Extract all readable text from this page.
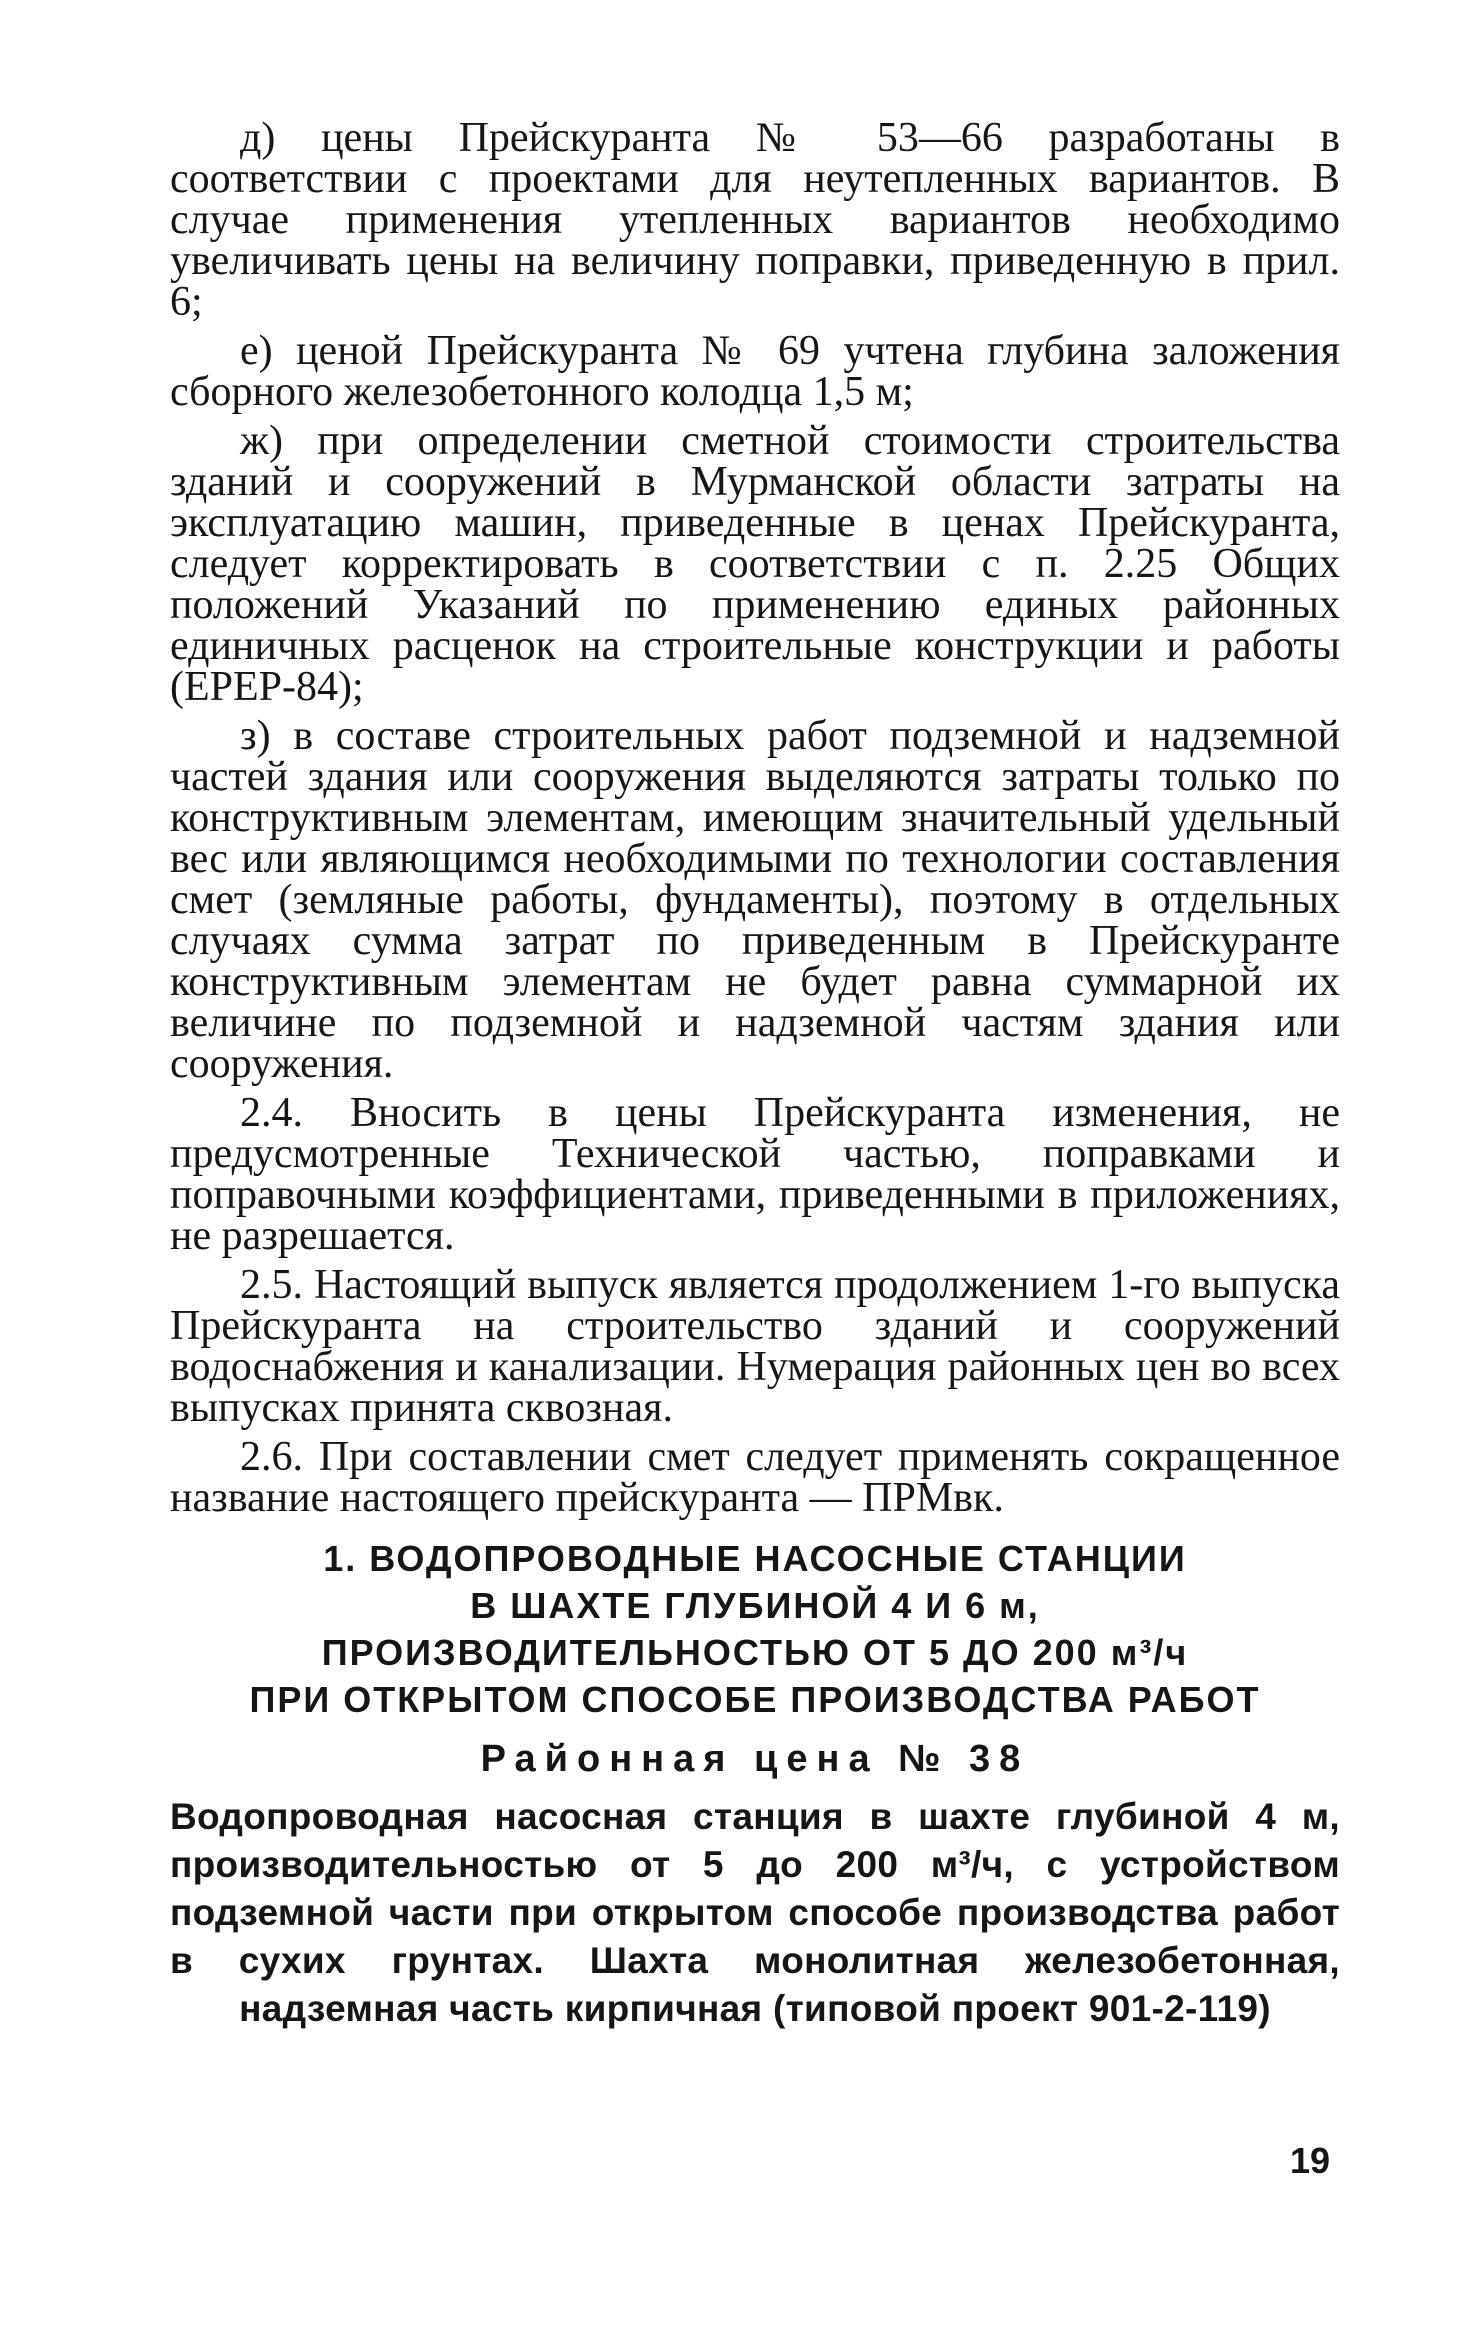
д) цены Прейскуранта № 53—66 разработаны в соответствии с проектами для неутепленных вариантов. В случае применения утепленных вариантов необходимо увеличивать цены на величину поправки, приведенную в прил. 6;

е) ценой Прейскуранта № 69 учтена глубина заложения сборного железобетонного колодца 1,5 м;

ж) при определении сметной стоимости строительства зданий и сооружений в Мурманской области затраты на эксплуатацию машин, приведенные в ценах Прейскуранта, следует корректировать в соответствии с п. 2.25 Общих положений Указаний по применению единых районных единичных расценок на строительные конструкции и работы (ЕРЕР-84);

з) в составе строительных работ подземной и надземной частей здания или сооружения выделяются затраты только по конструктивным элементам, имеющим значительный удельный вес или являющимся необходимыми по технологии составления смет (земляные работы, фундаменты), поэтому в отдельных случаях сумма затрат по приведенным в Прейскуранте конструктивным элементам не будет равна суммарной их величине по подземной и надземной частям здания или сооружения.

2.4. Вносить в цены Прейскуранта изменения, не предусмотренные Технической частью, поправками и поправочными коэффициентами, приведенными в приложениях, не разрешается.

2.5. Настоящий выпуск является продолжением 1-го выпуска Прейскуранта на строительство зданий и сооружений водоснабжения и канализации. Нумерация районных цен во всех выпусках принята сквозная.

2.6. При составлении смет следует применять сокращенное название настоящего прейскуранта — ПРМвк.

1. ВОДОПРОВОДНЫЕ НАСОСНЫЕ СТАНЦИИ
В ШАХТЕ ГЛУБИНОЙ 4 И 6 м,
ПРОИЗВОДИТЕЛЬНОСТЬЮ ОТ 5 ДО 200 м³/ч
ПРИ ОТКРЫТОМ СПОСОБЕ ПРОИЗВОДСТВА РАБОТ
Районная цена № 38

Водопроводная насосная станция в шахте глубиной 4 м, производительностью от 5 до 200 м³/ч, с устройством подземной части при открытом способе производства работ в сухих грунтах. Шахта монолитная железобетонная, надземная часть кирпичная (типовой проект 901-2-119)

19
